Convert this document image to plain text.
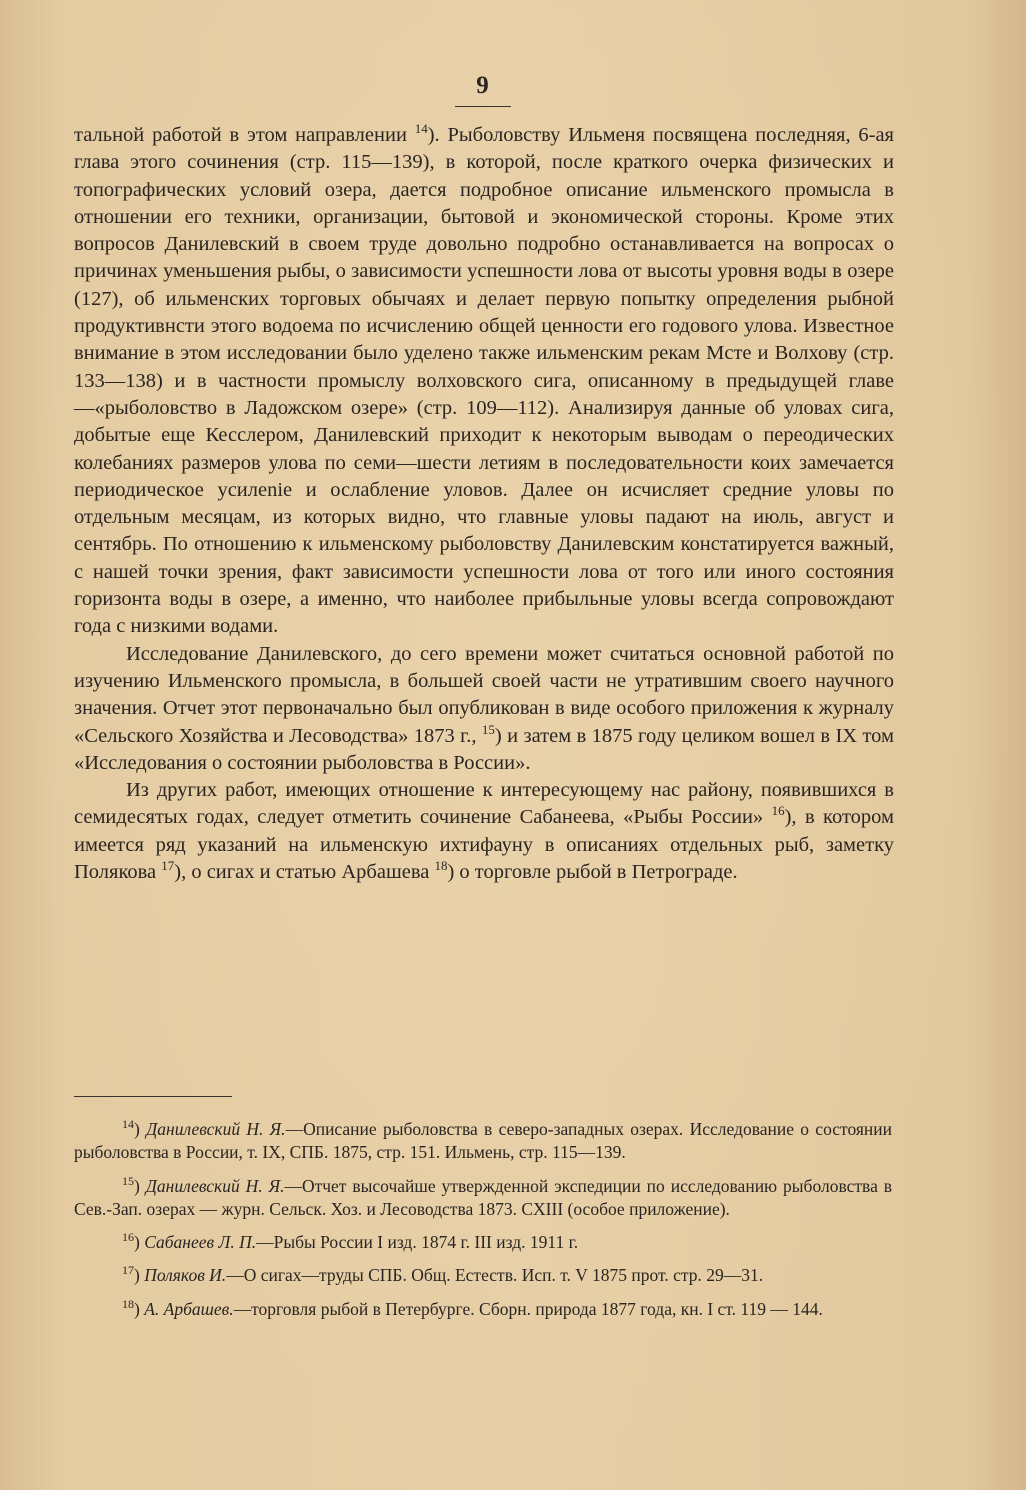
9

тальной работой в этом направлении $^{14}$). Рыболовству Ильменя посвящена последняя, 6-ая глава этого сочинения (стр. 115—139), в которой, после краткого очерка физических и топографических условий озера, дается подробное описание ильменского промысла в отношении его техники, организации, бытовой и экономической стороны. Кроме этих вопросов Данилевский в своем труде довольно подробно останавливается на вопросах о причинах уменьшения рыбы, о зависимости успешности лова от высоты уровня воды в озере (127), об ильменских торговых обычаях и делает первую попытку определения рыбной продуктивнсти этого водоема по исчислению общей ценности его годового улова. Известное внимание в этом исследовании было уделено также ильменским рекам Мсте и Волхову (стр. 133—138) и в частности промыслу волховского сига, описанному в предыдущей главе—«рыболовство в Ладожском озере» (стр. 109—112). Анализируя данные об уловах сига, добытые еще Кесслером, Данилевский приходит к некоторым выводам о переодических колебаниях размеров улова по семи—шести летиям в последовательности коих замечается периодическое усилеnie и ослабление уловов. Далее он исчисляет средние уловы по отдельным месяцам, из которых видно, что главные уловы падают на июль, август и сентябрь. По отношению к ильменскому рыболовству Данилевским констатируется важный, с нашей точки зрения, факт зависимости успешности лова от того или иного состояния горизонта воды в озере, а именно, что наиболее прибыльные уловы всегда сопровождают года с низкими водами.

Исследование Данилевского, до сего времени может считаться основной работой по изучению Ильменского промысла, в большей своей части не утратившим своего научного значения. Отчет этот первоначально был опубликован в виде особого приложения к журналу «Сельского Хозяйства и Лесоводства» 1873 г., $^{15}$) и затем в 1875 году целиком вошел в IX том «Исследования о состоянии рыболовства в России».

Из других работ, имеющих отношение к интересующему нас району, появившихся в семидесятых годах, следует отметить сочинение Сабанеева, «Рыбы России» $^{16}$), в котором имеется ряд указаний на ильменскую ихтифауну в описаниях отдельных рыб, заметку Полякова $^{17}$), о сигах и статью Арбашева $^{18}$) о торговле рыбой в Петрограде.

$^{14}$) Данилевский Н. Я.—Описание рыболовства в северо-западных озерах. Исследование о состоянии рыболовства в России, т. IX, СПБ. 1875, стр. 151. Ильмень, стр. 115—139.

$^{15}$) Данилевский Н. Я.—Отчет высочайше утвержденной экспедиции по исследованию рыболовства в Сев.-Зап. озерах — журн. Сельск. Хоз. и Лесоводства 1873. CXIII (особое приложение).

$^{16}$) Сабанеев Л. П.—Рыбы России I изд. 1874 г. III изд. 1911 г.

$^{17}$) Поляков И.—О сигах—труды СПБ. Общ. Естеств. Исп. т. V 1875 прот. стр. 29—31.

$^{18}$) А. Арбашев.—торговля рыбой в Петербурге. Сборн. природа 1877 года, кн. I ст. 119 — 144.
